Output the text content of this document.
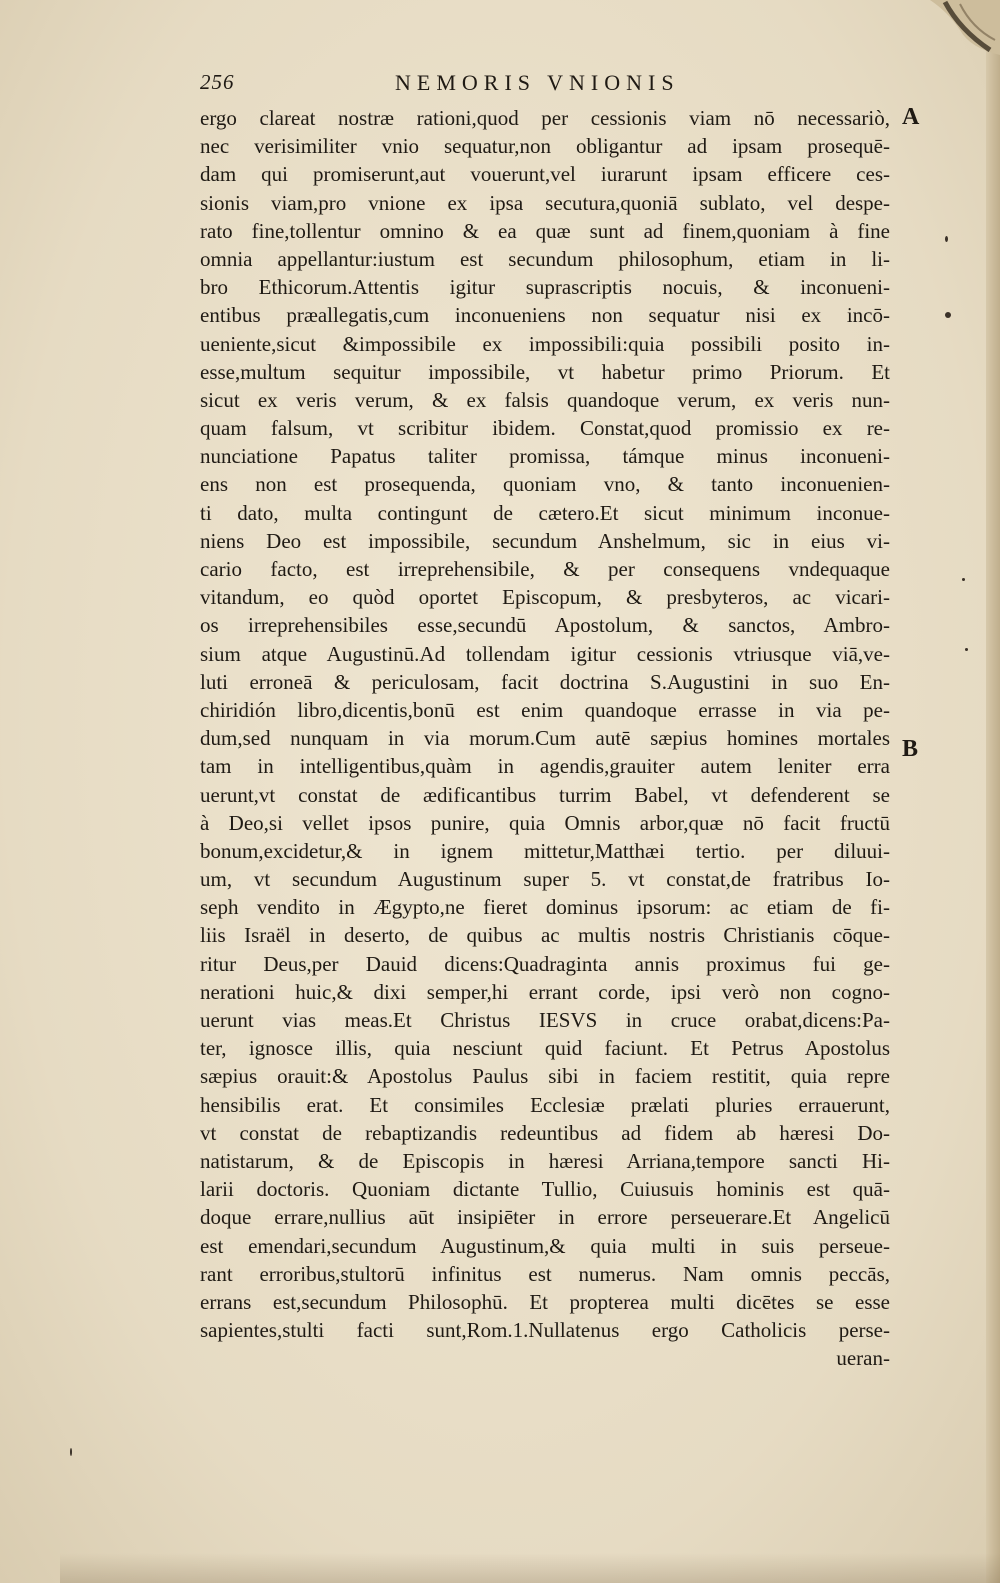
256	NEMORIS VNIONIS
A
B
ergo clareat nostræ rationi,quod per cessionis viam nō necessariò,
nec verisimiliter vnio sequatur,non obligantur ad ipsam prosequē-
dam qui promiserunt,aut vouerunt,vel iurarunt ipsam efficere ces-
sionis viam,pro vnione ex ipsa secutura,quoniā sublato, vel despe-
rato fine,tollentur omnino & ea quæ sunt ad finem,quoniam à fine
omnia appellantur:iustum est secundum philosophum, etiam in li-
bro Ethicorum.Attentis igitur suprascriptis nocuis, & inconueni-
entibus præallegatis,cum inconueniens non sequatur nisi ex incō-
ueniente,sicut &impossibile ex impossibili:quia possibili posito in-
esse,multum sequitur impossibile, vt habetur primo Priorum. Et
sicut ex veris verum, & ex falsis quandoque verum, ex veris nun-
quam falsum, vt scribitur ibidem. Constat,quod promissio ex re-
nunciatione Papatus taliter promissa, támque minus inconueni-
ens non est prosequenda, quoniam vno, & tanto inconuenien-
ti dato, multa contingunt de cætero.Et sicut minimum inconue-
niens Deo est impossibile, secundum Anshelmum, sic in eius vi-
cario facto, est irreprehensibile, & per consequens vndequaque
vitandum, eo quòd oportet Episcopum, & presbyteros, ac vicari-
os irreprehensibiles esse,secundū Apostolum, & sanctos, Ambro-
sium atque Augustinū.Ad tollendam igitur cessionis vtriusque viā,ve-
luti erroneā & periculosam, facit doctrina S.Augustini in suo En-
chiridión libro,dicentis,bonū est enim quandoque errasse in via pe-
dum,sed nunquam in via morum.Cum autē sæpius homines mortales
tam in intelligentibus,quàm in agendis,grauiter autem leniter erra
uerunt,vt constat de ædificantibus turrim Babel, vt defenderent se
à Deo,si vellet ipsos punire, quia Omnis arbor,quæ nō facit fructū
bonum,excidetur,& in ignem mittetur,Matthæi tertio. per diluui-
um, vt secundum Augustinum super 5. vt constat,de fratribus Io-
seph vendito in Ægypto,ne fieret dominus ipsorum: ac etiam de fi-
liis Israël in deserto, de quibus ac multis nostris Christianis cōque-
ritur Deus,per Dauid dicens:Quadraginta annis proximus fui ge-
nerationi huic,& dixi semper,hi errant corde, ipsi verò non cogno-
uerunt vias meas.Et Christus IESVS in cruce orabat,dicens:Pa-
ter, ignosce illis, quia nesciunt quid faciunt. Et Petrus Apostolus
sæpius orauit:& Apostolus Paulus sibi in faciem restitit, quia repre
hensibilis erat. Et consimiles Ecclesiæ prælati pluries errauerunt,
vt constat de rebaptizandis redeuntibus ad fidem ab hæresi Do-
natistarum, & de Episcopis in hæresi Arriana,tempore sancti Hi-
larii doctoris. Quoniam dictante Tullio, Cuiusuis hominis est quā-
doque errare,nullius aūt insipiēter in errore perseuerare.Et Angelicū
est emendari,secundum Augustinum,& quia multi in suis perseue-
rant erroribus,stultorū infinitus est numerus. Nam omnis peccās,
errans est,secundum Philosophū. Et propterea multi dicētes se esse
sapientes,stulti facti sunt,Rom.1.Nullatenus ergo Catholicis perse-
ueran-
